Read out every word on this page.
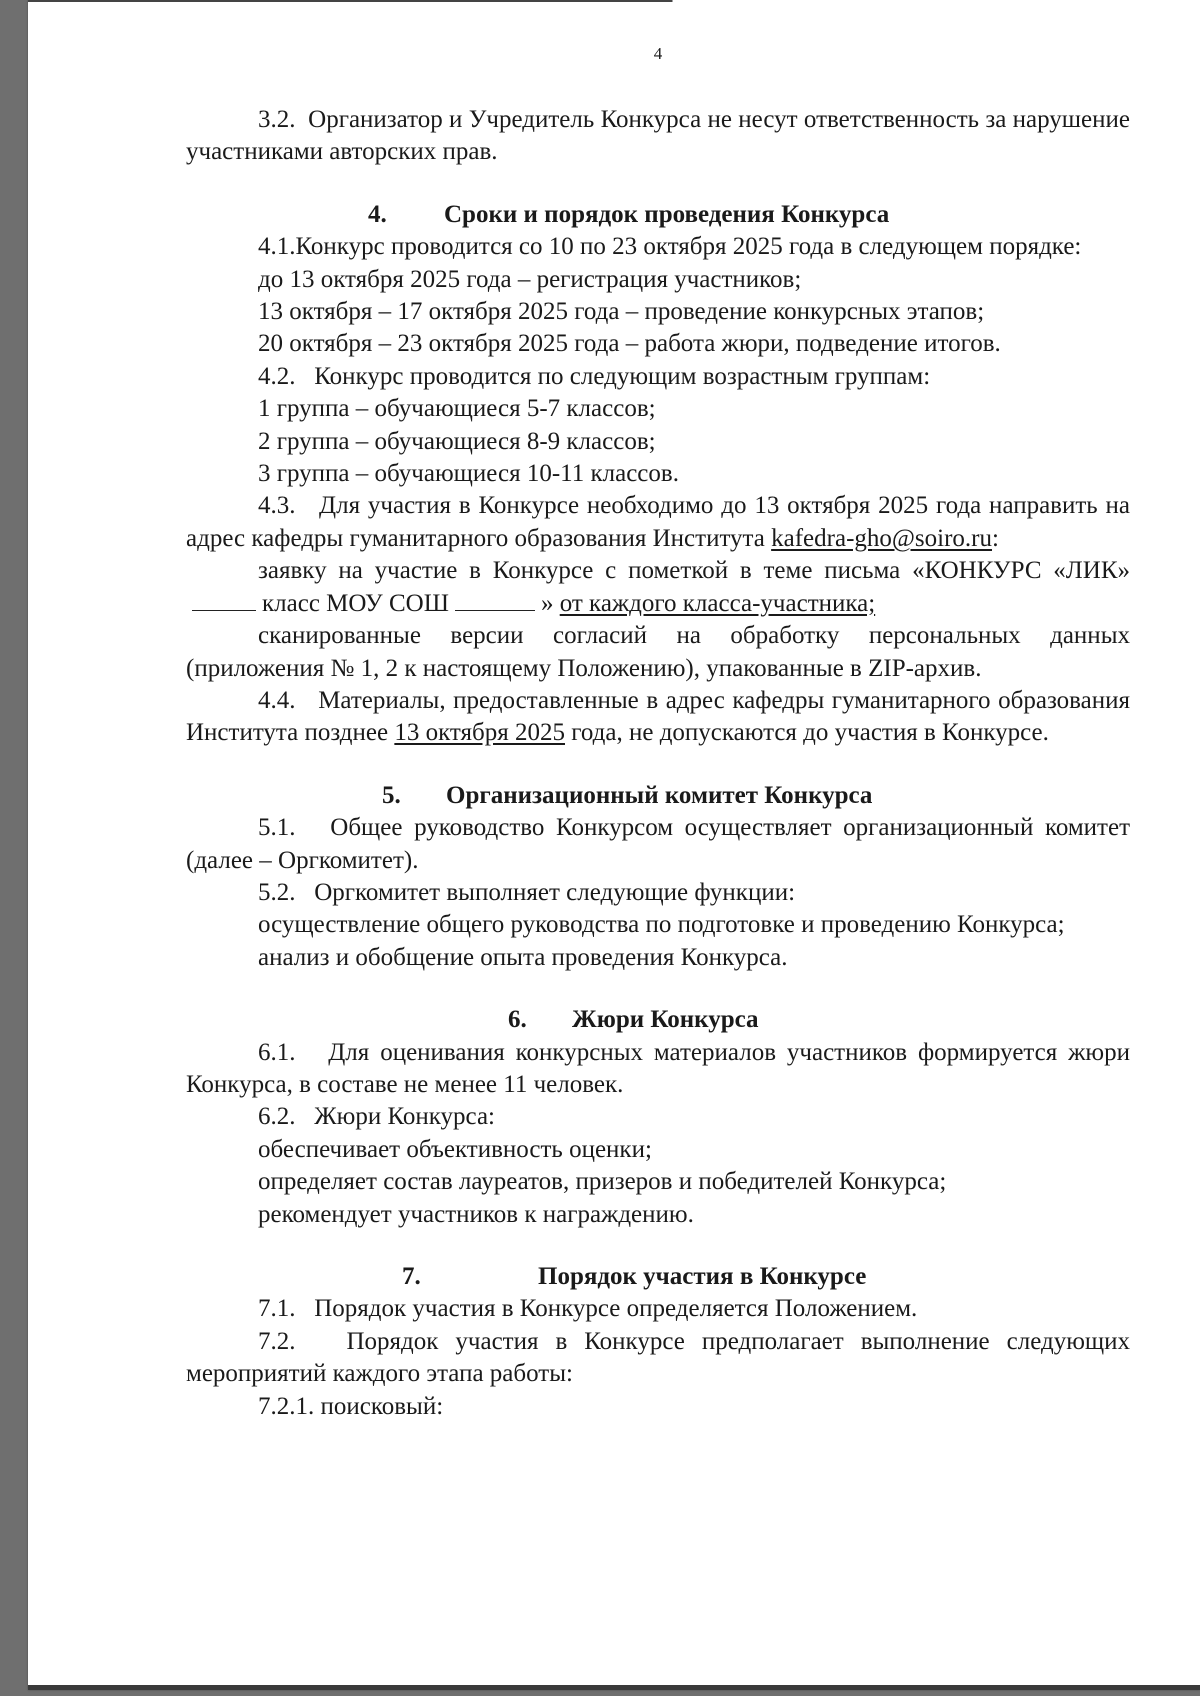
4

3.2. Организатор и Учредитель Конкурса не несут ответственность за нарушение участниками авторских прав.

4.	Сроки и порядок проведения Конкурса

4.1.Конкурс проводится со 10 по 23 октября 2025 года в следующем порядке:

до 13 октября 2025 года – регистрация участников;

13 октября – 17 октября 2025 года – проведение конкурсных этапов;

20 октября – 23 октября 2025 года – работа жюри, подведение итогов.

4.2. Конкурс проводится по следующим возрастным группам:

1 группа – обучающиеся 5-7 классов;

2 группа – обучающиеся 8-9 классов;

3 группа – обучающиеся 10-11 классов.

4.3. Для участия в Конкурсе необходимо до 13 октября 2025 года направить на адрес кафедры гуманитарного образования Института kafedra-gho@soiro.ru:

заявку на участие в Конкурсе с пометкой в теме письма «КОНКУРС «ЛИК»класс МОУ СОШ	» от каждого класса-участника;

сканированные версии согласий на обработку персональных данных (приложения № 1, 2 к настоящему Положению), упакованные в ZIP-архив.

4.4. Материалы, предоставленные в адрес кафедры гуманитарного образования Института позднее 13 октября 2025 года, не допускаются до участия в Конкурсе.

5.	Организационный комитет Конкурса

5.1. Общее руководство Конкурсом осуществляет организационный комитет (далее – Оргкомитет).

5.2. Оргкомитет выполняет следующие функции:

осуществление общего руководства по подготовке и проведению Конкурса;

анализ и обобщение опыта проведения Конкурса.

6.	Жюри Конкурса

6.1. Для оценивания конкурсных материалов участников формируется жюри Конкурса, в составе не менее 11 человек.

6.2. Жюри Конкурса:

обеспечивает объективность оценки;

определяет состав лауреатов, призеров и победителей Конкурса;

рекомендует участников к награждению.

7.	Порядок участия в Конкурсе

7.1. Порядок участия в Конкурсе определяется Положением.

7.2. Порядок участия в Конкурсе предполагает выполнение следующих мероприятий каждого этапа работы:

7.2.1. поисковый:
